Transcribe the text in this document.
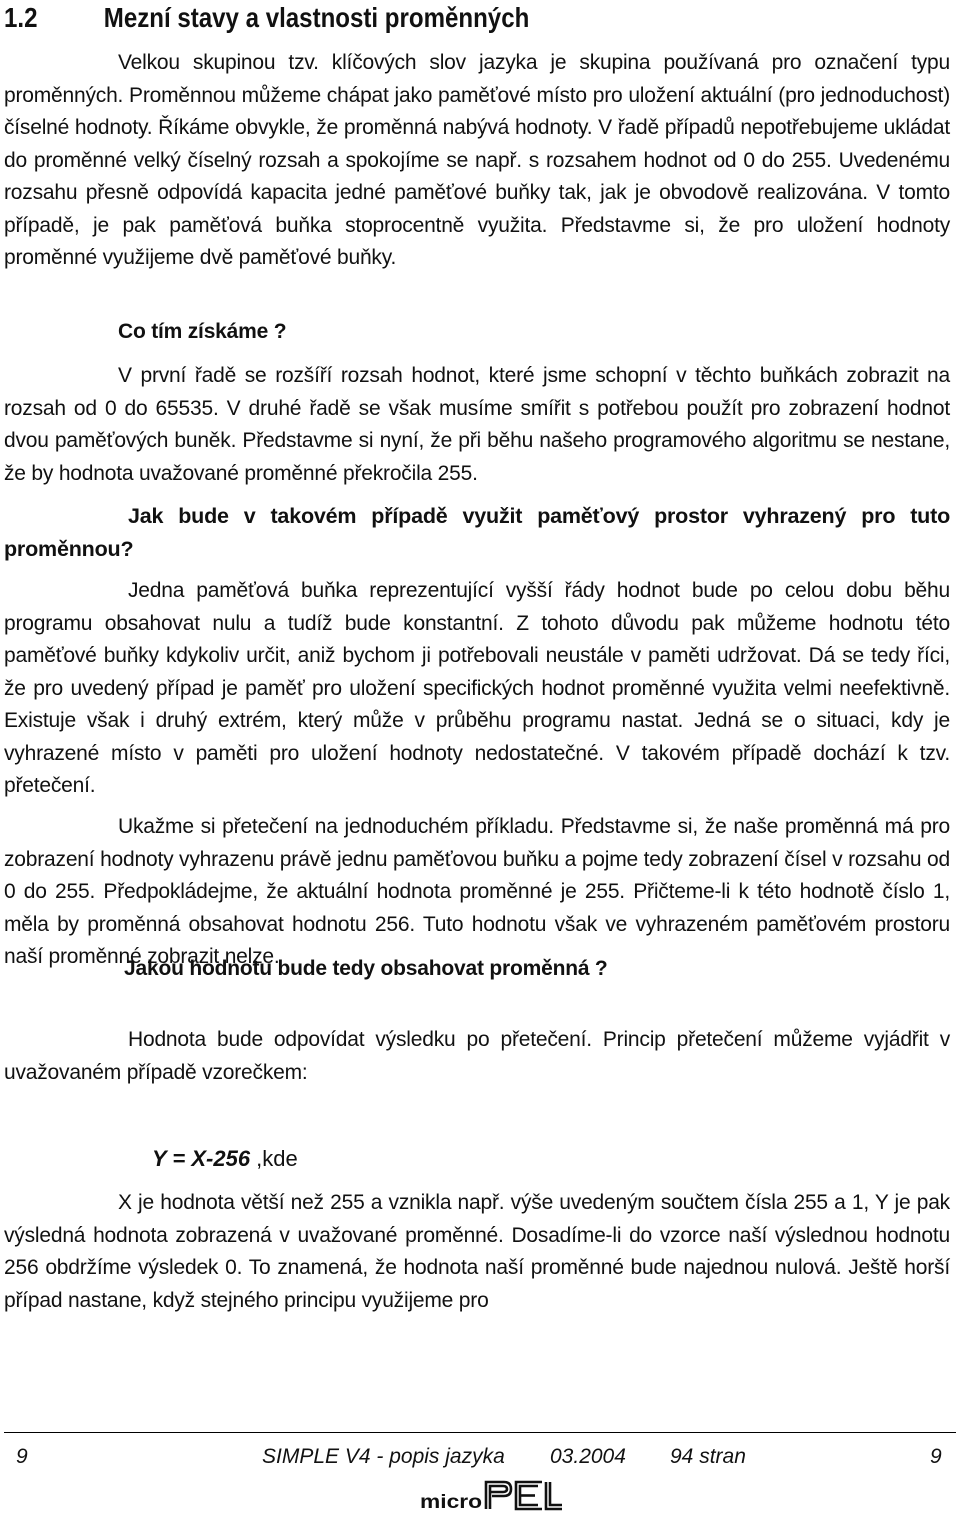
1.2 Mezní stavy a vlastnosti proměnných

Velkou skupinou tzv. klíčových slov jazyka je skupina používaná pro označení typu proměnných. Proměnnou můžeme chápat jako paměťové místo pro uložení aktuální (pro jednoduchost) číselné hodnoty. Říkáme obvykle, že proměnná nabývá hodnoty. V řadě případů nepotřebujeme ukládat do proměnné velký číselný rozsah a spokojíme se např. s rozsahem hodnot od 0 do 255. Uvedenému rozsahu přesně odpovídá kapacita jedné paměťové buňky tak, jak je obvodově realizována. V tomto případě, je pak paměťová buňka stoprocentně využita. Představme si, že pro uložení hodnoty proměnné využijeme dvě paměťové buňky.

Co tím získáme ?

V první řadě se rozšíří rozsah hodnot, které jsme schopní v těchto buňkách zobrazit na rozsah od 0 do 65535. V druhé řadě se však musíme smířit s potřebou použít pro zobrazení hodnot dvou paměťových buněk. Představme si nyní, že při běhu našeho programového algoritmu se nestane, že by hodnota uvažované proměnné překročila 255.

Jak bude v takovém případě využit paměťový prostor vyhrazený pro tuto proměnnou?

Jedna paměťová buňka reprezentující vyšší řády hodnot bude po celou dobu běhu programu obsahovat nulu a tudíž bude konstantní. Z tohoto důvodu pak můžeme hodnotu této paměťové buňky kdykoliv určit, aniž bychom ji potřebovali neustále v paměti udržovat. Dá se tedy říci, že pro uvedený případ je paměť pro uložení specifických hodnot proměnné využita velmi neefektivně. Existuje však i druhý extrém, který může v průběhu programu nastat. Jedná se o situaci, kdy je vyhrazené místo v paměti pro uložení hodnoty nedostatečné. V takovém případě dochází k tzv. přetečení.

Ukažme si přetečení na jednoduchém příkladu. Představme si, že naše proměnná má pro zobrazení hodnoty vyhrazenu právě jednu paměťovou buňku a pojme tedy zobrazení čísel v rozsahu od 0 do 255. Předpokládejme, že aktuální hodnota proměnné je 255. Přičteme-li k této hodnotě číslo 1, měla by proměnná obsahovat hodnotu 256. Tuto hodnotu však ve vyhrazeném paměťovém prostoru naší proměnné zobrazit nelze.

Jakou hodnotu bude tedy obsahovat proměnná ?

Hodnota bude odpovídat výsledku po přetečení. Princip přetečení můžeme vyjádřit v uvažovaném případě vzorečkem:

Y = X-256 ,kde

X je hodnota větší než 255 a vznikla např. výše uvedeným součtem čísla 255 a 1, Y je pak výsledná hodnota zobrazená v uvažované proměnné. Dosadíme-li do vzorce naší výslednou hodnotu 256 obdržíme výsledek 0. To znamená, že hodnota naší proměnné bude najednou nulová. Ještě horší případ nastane, když stejného principu využijeme pro

9	SIMPLE V4 - popis jazyka 03.2004 94 stran	9
micro
